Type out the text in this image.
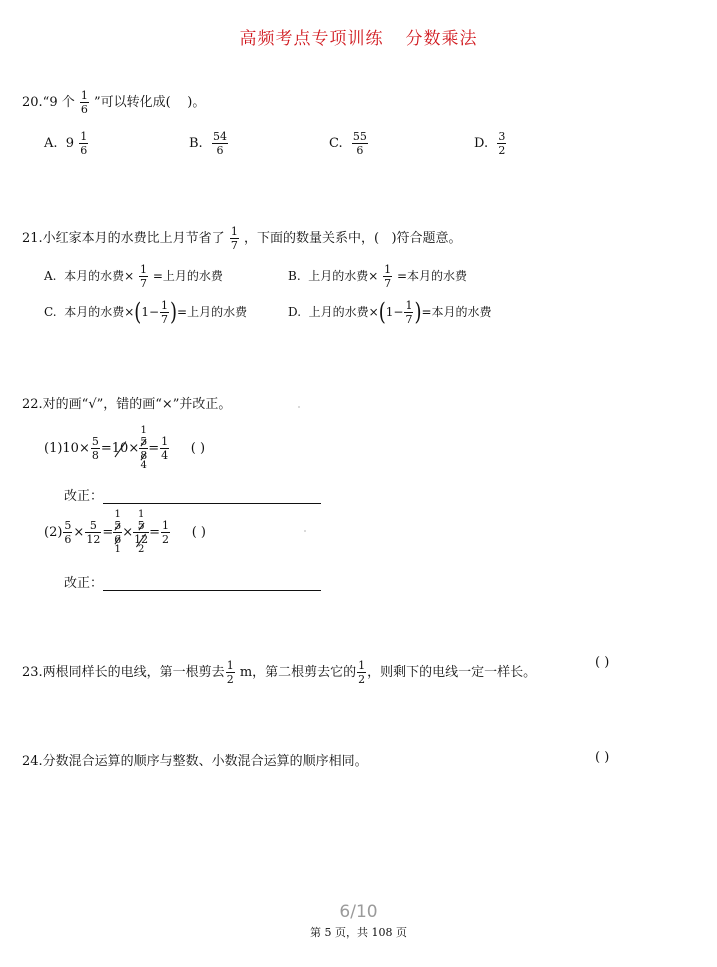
高频考点专项训练 分数乘法
20.“9 个 $\frac{1}{6}$ ”可以转化成( )。
A. $9 \frac{1}{6}$	B. $\frac{54}{6}$	C. $\frac{55}{6}$	D. $\frac{3}{2}$
21.小红家本月的水费比上月节省了 $\frac{1}{7}$ ，下面的数量关系中，( )符合题意。
A. 本月的水费× $\frac{1}{7}$ =上月的水费	B. 上月的水费× $\frac{1}{7}$ =本月的水费
C. 本月的水费$\times(1- \frac{1}{7}$ )=上月的水费	D. 上月的水费$\times(1- \frac{1}{7}$ )=本月的水费
22.对的画“√”，错的画“×”并改正。
$(1)10\times \frac{5}{8} =10\times$
1
$\frac{5}{8}$
4
= $\frac{1}{4}$ ( )
改正：
$(2) \frac{5}{6} \times \frac{5}{12}$ =
1
$\frac{5}{6}$
1
×
1
$\frac{5}{12}$
2
= $\frac{1}{2}$ ( )
改正：
23.两根同样长的电线，第一根剪去 $\frac{1}{2}$ m，第二根剪去它的 $\frac{1}{2}$ ，则剩下的电线一定一样长。
( )
24.分数混合运算的顺序与整数、小数混合运算的顺序相同。	( )
6/10
第 5 页，共 108 页
